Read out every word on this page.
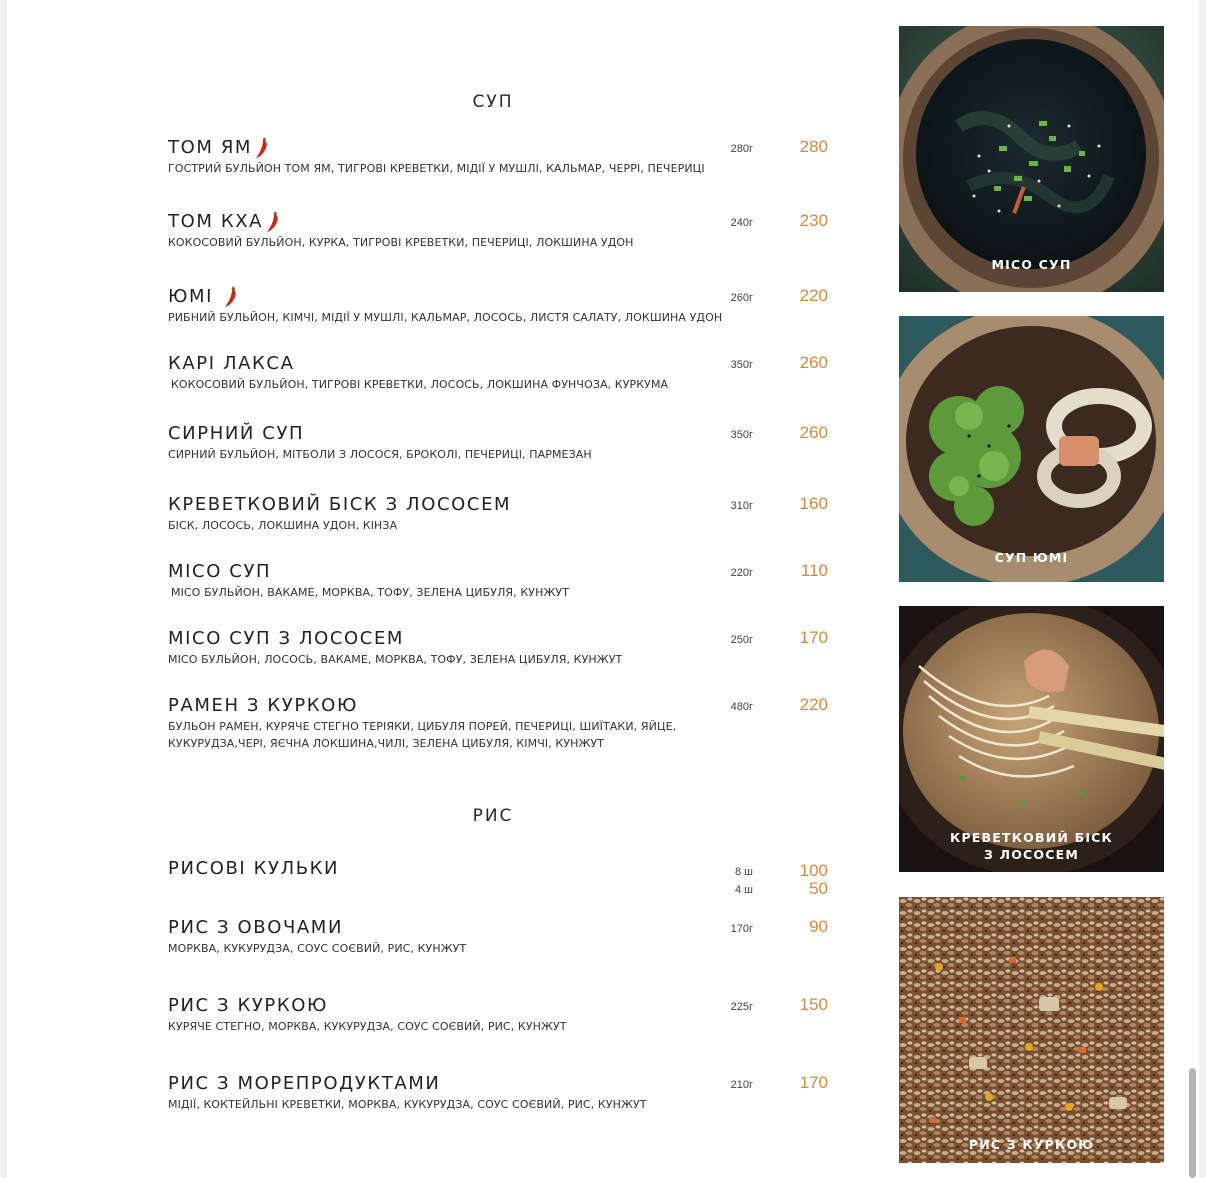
СУП
ТОМ ЯМ
ГОСТРИЙ БУЛЬЙОН ТОМ ЯМ, ТИГРОВІ КРЕВЕТКИ, МІДІЇ У МУШЛІ, КАЛЬМАР, ЧЕРРІ, ПЕЧЕРИЦІ
280г	280
ТОМ КХА
КОКОСОВИЙ БУЛЬЙОН, КУРКА, ТИГРОВІ КРЕВЕТКИ, ПЕЧЕРИЦІ, ЛОКШИНА УДОН
240г	230
ЮМІ
РИБНИЙ БУЛЬЙОН, КІМЧІ, МІДІЇ У МУШЛІ, КАЛЬМАР, ЛОСОСЬ, ЛИСТЯ САЛАТУ, ЛОКШИНА УДОН
260г	220
КАРІ ЛАКСА
КОКОСОВИЙ БУЛЬЙОН, ТИГРОВІ КРЕВЕТКИ, ЛОСОСЬ, ЛОКШИНА ФУНЧОЗА, КУРКУМА
350г	260
СИРНИЙ СУП
СИРНИЙ БУЛЬЙОН, МІТБОЛИ З ЛОСОСЯ, БРОКОЛІ, ПЕЧЕРИЦІ, ПАРМЕЗАН
350г	260
КРЕВЕТКОВИЙ БІСК З ЛОСОСЕМ
БІСК, ЛОСОСЬ, ЛОКШИНА УДОН, КІНЗА
310г	160
МІСО СУП
МІСО БУЛЬЙОН, ВАКАМЕ, МОРКВА, ТОФУ, ЗЕЛЕНА ЦИБУЛЯ, КУНЖУТ
220г	110
МІСО СУП З ЛОСОСЕМ
МІСО БУЛЬЙОН, ЛОСОСЬ, ВАКАМЕ, МОРКВА, ТОФУ, ЗЕЛЕНА ЦИБУЛЯ, КУНЖУТ
250г	170
РАМЕН З КУРКОЮ
БУЛЬОН РАМЕН, КУРЯЧЕ СТЕГНО ТЕРІЯКИ, ЦИБУЛЯ ПОРЕЙ, ПЕЧЕРИЦІ, ШИЇТАКИ, ЯЙЦЕ,
КУКУРУДЗА,ЧЕРІ, ЯЄЧНА ЛОКШИНА,ЧИЛІ, ЗЕЛЕНА ЦИБУЛЯ, КІМЧІ, КУНЖУТ
480г	220
РИС
РИСОВІ КУЛЬКИ	8 ш	100
4 ш	50
РИС З ОВОЧАМИ
МОРКВА, КУКУРУДЗА, СОУС СОЄВИЙ, РИС, КУНЖУТ
170г	90
РИС З КУРКОЮ
КУРЯЧЕ СТЕГНО, МОРКВА, КУКУРУДЗА, СОУС СОЄВИЙ, РИС, КУНЖУТ
225г	150
РИС З МОРЕПРОДУКТАМИ
МІДІЇ, КОКТЕЙЛЬНІ КРЕВЕТКИ, МОРКВА, КУКУРУДЗА, СОУС СОЄВИЙ, РИС, КУНЖУТ
210г	170
МІСО СУП
СУП ЮМІ
КРЕВЕТКОВИЙ БІСК
З ЛОСОСЕМ
РИС З КУРКОЮ
